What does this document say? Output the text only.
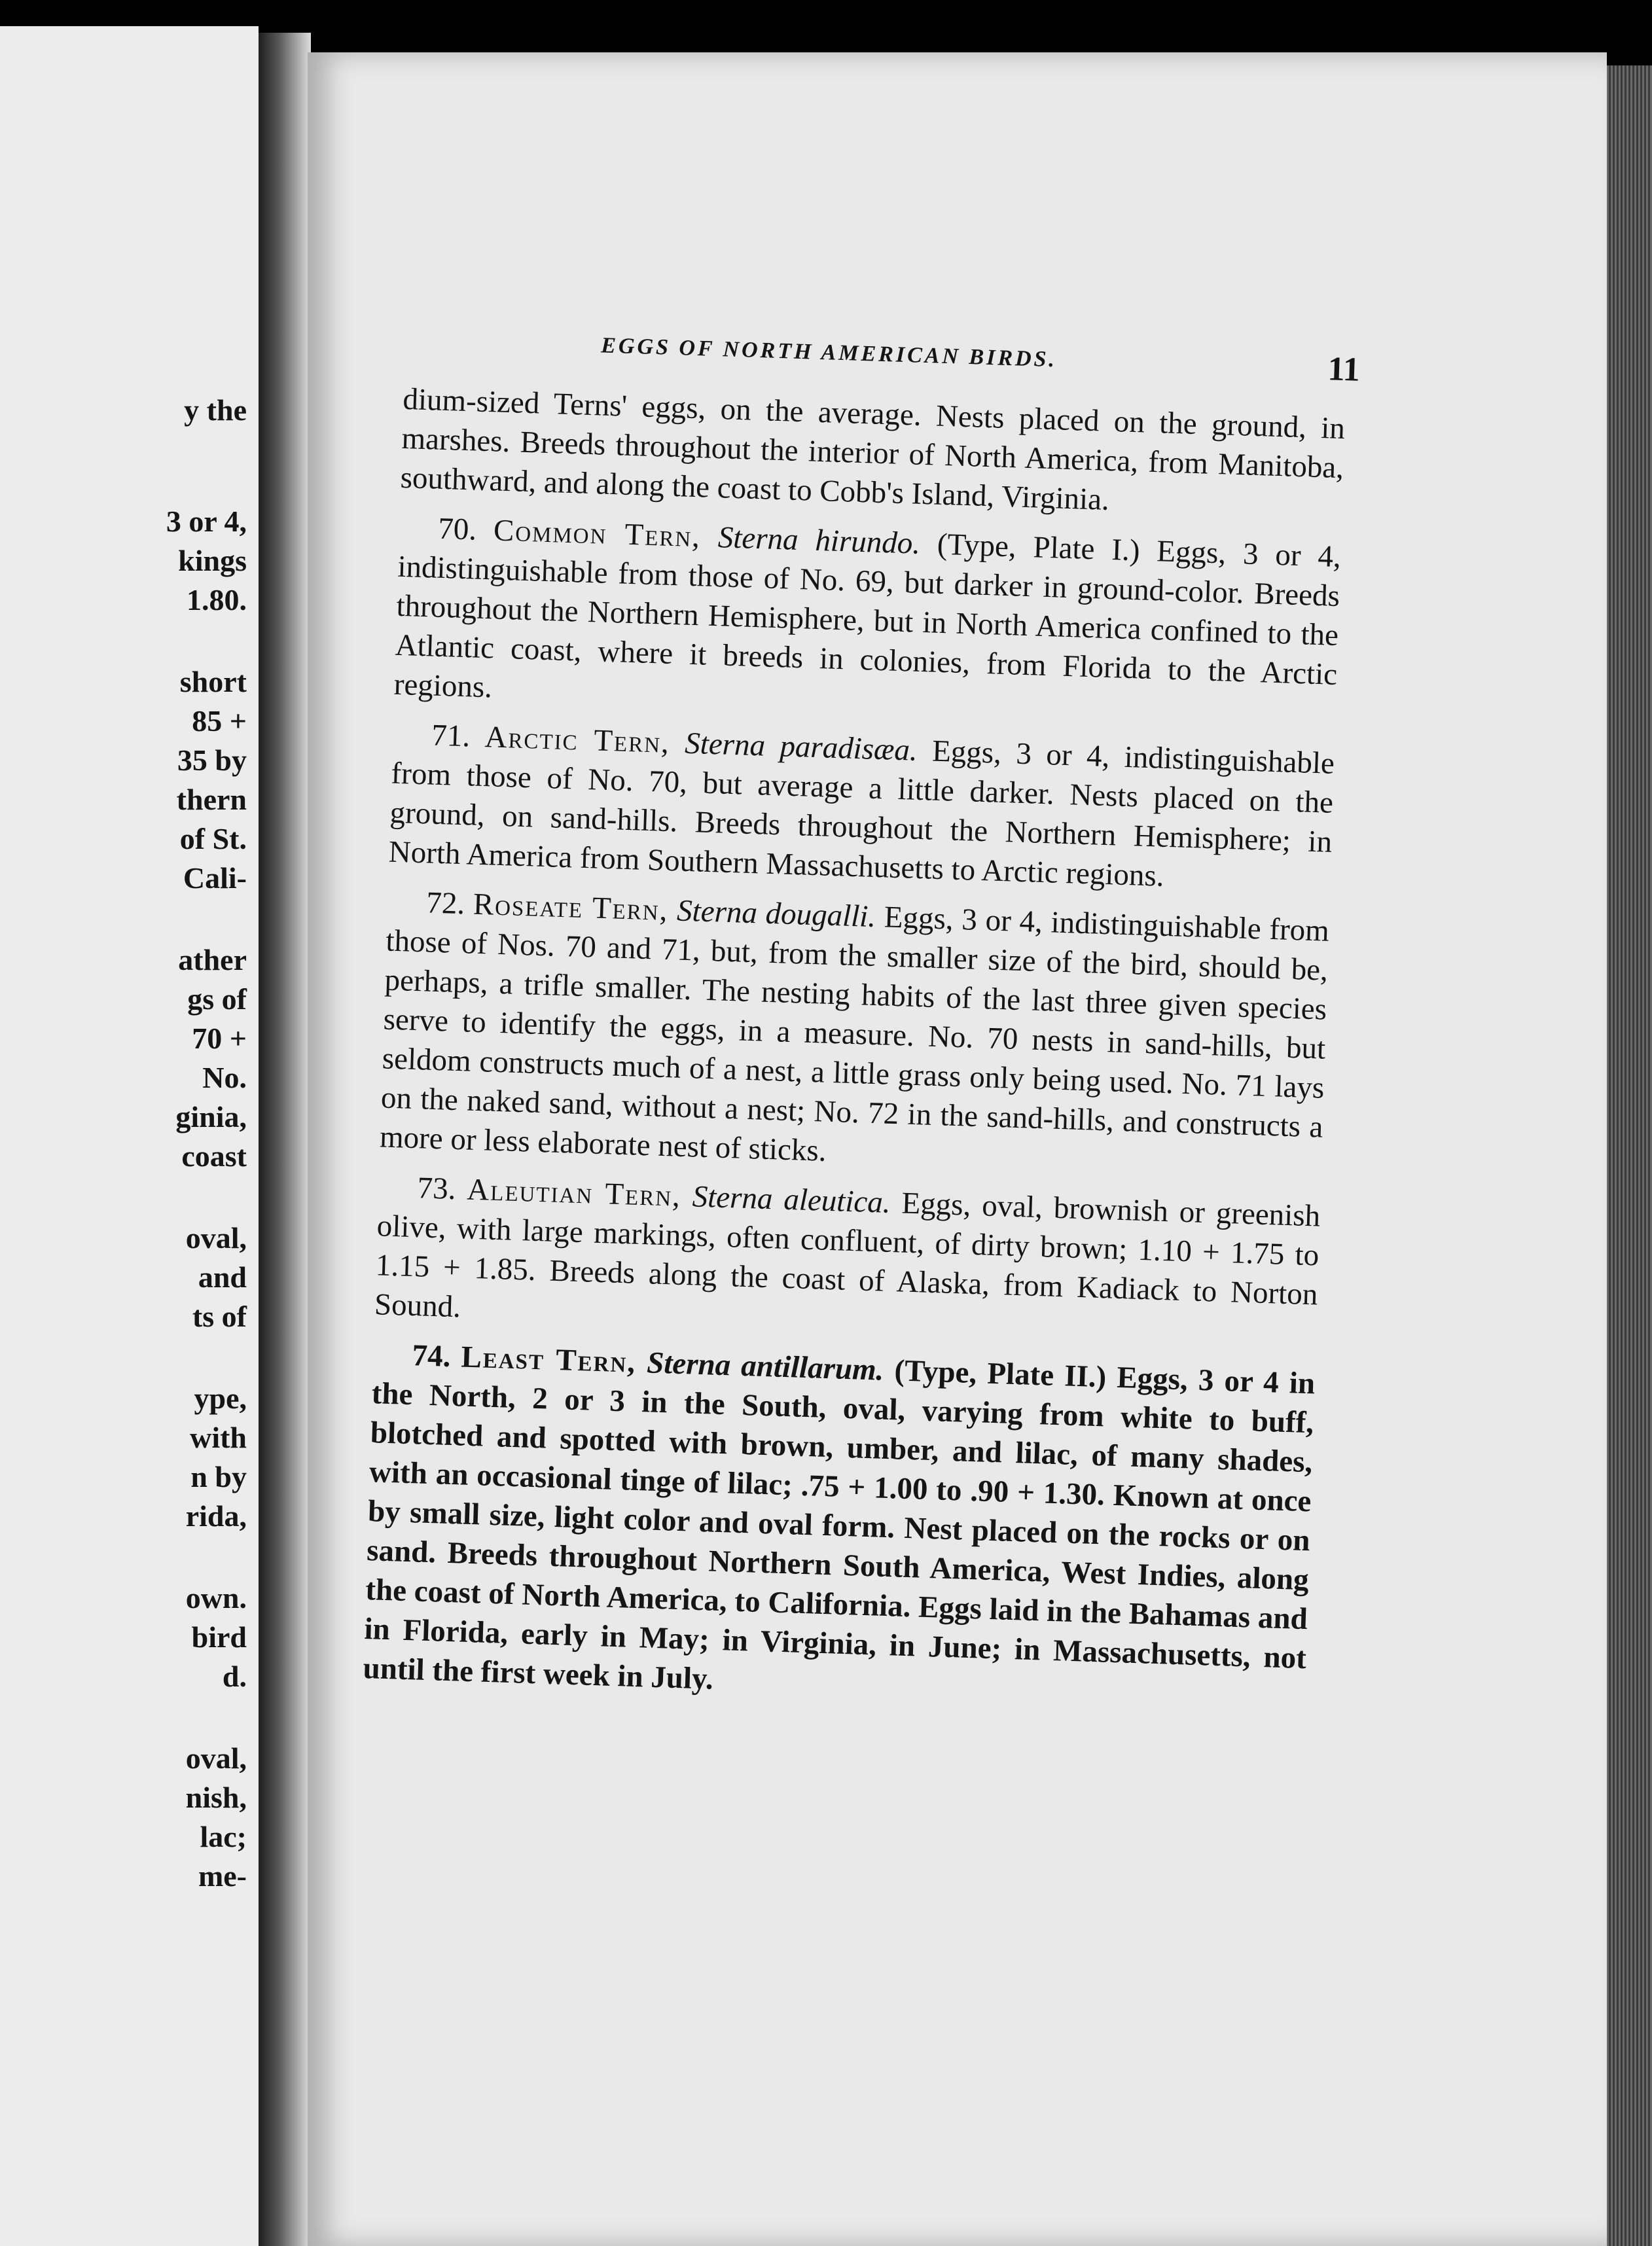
y the
3 or 4,
kings
1.80.
short
85 +
35 by
thern
of St.
Cali-
ather
gs of
70 +
No.
ginia,
coast
oval,
and
ts of
ype,
with
n by
rida,
own.
bird
d.
oval,
nish,
lac;
me-
EGGS OF NORTH AMERICAN BIRDS.	11

dium-sized Terns' eggs, on the average. Nests placed on the ground, in marshes. Breeds throughout the interior of North America, from Manitoba, southward, and along the coast to Cobb's Island, Virginia.

70. Common Tern, Sterna hirundo. (Type, Plate I.) Eggs, 3 or 4, indistinguishable from those of No. 69, but darker in ground-color. Breeds throughout the Northern Hemisphere, but in North America confined to the Atlantic coast, where it breeds in colonies, from Florida to the Arctic regions.

71. Arctic Tern, Sterna paradisæa. Eggs, 3 or 4, indistinguishable from those of No. 70, but average a little darker. Nests placed on the ground, on sand-hills. Breeds throughout the Northern Hemisphere; in North America from Southern Massachusetts to Arctic regions.

72. Roseate Tern, Sterna dougalli. Eggs, 3 or 4, indistinguishable from those of Nos. 70 and 71, but, from the smaller size of the bird, should be, perhaps, a trifle smaller. The nesting habits of the last three given species serve to identify the eggs, in a measure. No. 70 nests in sand-hills, but seldom constructs much of a nest, a little grass only being used. No. 71 lays on the naked sand, without a nest; No. 72 in the sand-hills, and constructs a more or less elaborate nest of sticks.

73. Aleutian Tern, Sterna aleutica. Eggs, oval, brownish or greenish olive, with large markings, often confluent, of dirty brown; 1.10 + 1.75 to 1.15 + 1.85. Breeds along the coast of Alaska, from Kadiack to Norton Sound.

74. Least Tern, Sterna antillarum. (Type, Plate II.) Eggs, 3 or 4 in the North, 2 or 3 in the South, oval, varying from white to buff, blotched and spotted with brown, umber, and lilac, of many shades, with an occasional tinge of lilac; .75 + 1.00 to .90 + 1.30. Known at once by small size, light color and oval form. Nest placed on the rocks or on sand. Breeds throughout Northern South America, West Indies, along the coast of North America, to California. Eggs laid in the Bahamas and in Florida, early in May; in Virginia, in June; in Massachusetts, not until the first week in July.
